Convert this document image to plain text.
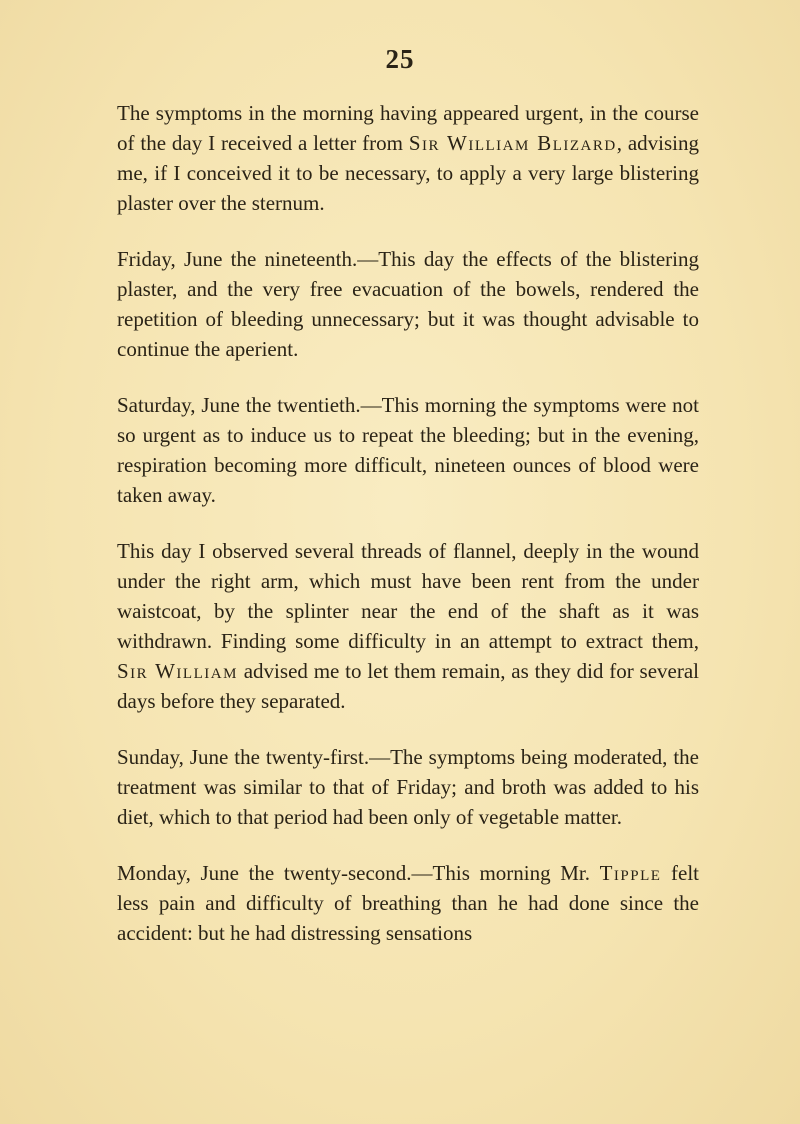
25

The symptoms in the morning having appeared urgent, in the course of the day I received a letter from Sir William Blizard, advising me, if I conceived it to be necessary, to apply a very large blistering plaster over the sternum.

Friday, June the nineteenth.—This day the effects of the blistering plaster, and the very free evacuation of the bowels, rendered the repetition of bleeding unnecessary; but it was thought advisable to continue the aperient.

Saturday, June the twentieth.—This morning the symptoms were not so urgent as to induce us to repeat the bleeding; but in the evening, respiration becoming more difficult, nineteen ounces of blood were taken away.

This day I observed several threads of flannel, deeply in the wound under the right arm, which must have been rent from the under waistcoat, by the splinter near the end of the shaft as it was withdrawn. Finding some difficulty in an attempt to extract them, Sir William advised me to let them remain, as they did for several days before they separated.

Sunday, June the twenty-first.—The symptoms being moderated, the treatment was similar to that of Friday; and broth was added to his diet, which to that period had been only of vegetable matter.

Monday, June the twenty-second.—This morning Mr. Tipple felt less pain and difficulty of breathing than he had done since the accident: but he had distressing sensations
